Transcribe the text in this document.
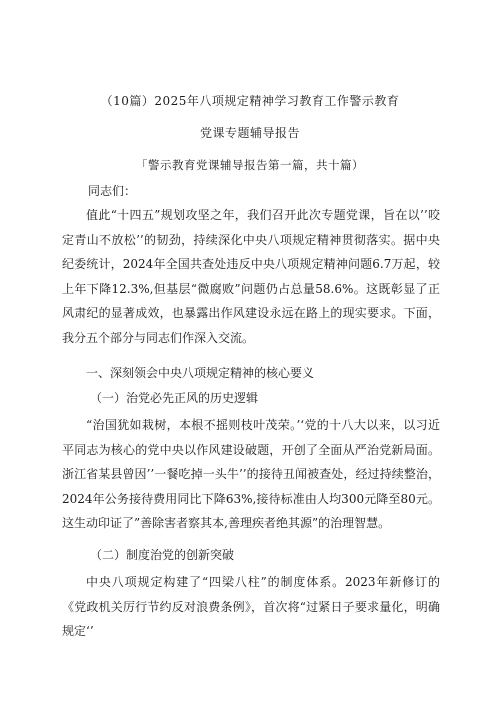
（10篇）2025年八项规定精神学习教育工作警示教育
党课专题辅导报告
「警示教育党课辅导报告第一篇，共十篇）
同志们：

值此“十四五”规划攻坚之年，我们召开此次专题党课，旨在以’’咬定青山不放松’’的韧劲，持续深化中央八项规定精神贯彻落实。据中央纪委统计，2024年全国共查处违反中央八项规定精神问题6.7万起，较上年下降12.3%,但基层“微腐败”问题仍占总量58.6%。这既彰显了正风肃纪的显著成效，也暴露出作风建设永远在路上的现实要求。下面，我分五个部分与同志们作深入交流。

一、深刻领会中央八项规定精神的核心要义
（一）治党必先正风的历史逻辑

“治国犹如栽树，本根不摇则枝叶茂荣。’‘党的十八大以来，以习近平同志为核心的党中央以作风建设破题，开创了全面从严治党新局面。浙江省某县曾因’’一餐吃掉一头牛’’的接待丑闻被查处，经过持续整治，2024年公务接待费用同比下降63%,接待标准由人均300元降至80元。这生动印证了”善除害者察其本,善理疾者绝其源”的治理智慧。

（二）制度治党的创新突破

中央八项规定构建了“四梁八柱”的制度体系。2023年新修订的《党政机关厉行节约反对浪费条例》，首次将“过紧日子要求量化，明确规定‘’
